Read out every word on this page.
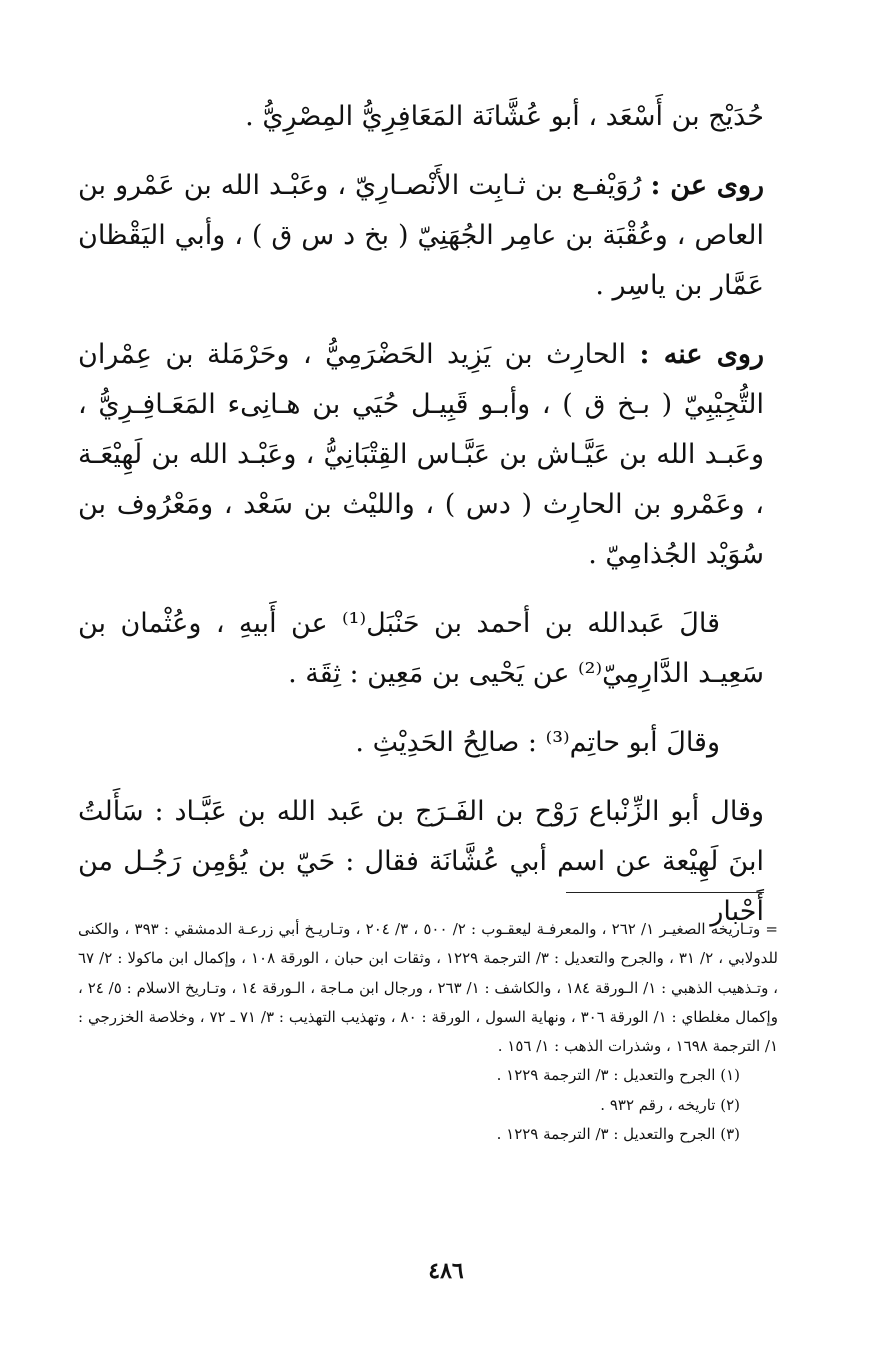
حُدَيْج بن أَسْعَد ، أبو عُشَّانَة المَعَافِرِيُّ المِصْرِيُّ .

روى عن : رُوَيْفـع بن ثـابِت الأَنْصـارِيّ ، وعَبْـد الله بن عَمْرو بن العاص ، وعُقْبَة بن عامِر الجُهَنِيّ ( بخ د س ق ) ، وأبي اليَقْظان عَمَّار بن ياسِر .

روى عنه : الحارِث بن يَزِيد الحَضْرَمِيُّ ، وحَرْمَلة بن عِمْران التُّجِيْبِيّ ( بـخ ق ) ، وأبـو قَبِيـل حُيَي بن هـانِىء المَعَـافِـرِيُّ ، وعَبـد الله بن عَيَّـاش بن عَبَّـاس القِتْبَانِيُّ ، وعَبْـد الله بن لَهِيْعَـة ، وعَمْرو بن الحارِث ( دس ) ، والليْث بن سَعْد ، ومَعْرُوف بن سُوَيْد الجُذامِيّ .

قالَ عَبدالله بن أحمد بن حَنْبَل⁽¹⁾ عن أَبيهِ ، وعُثْمان بن سَعِيـد الدَّارِمِيّ⁽²⁾ عن يَحْيى بن مَعِين : ثِقَة .

وقالَ أبو حاتِم⁽³⁾ : صالِحُ الحَدِيْثِ .

وقال أبو الزِّنْباع رَوْح بن الفَـرَج بن عَبد الله بن عَبَّـاد : سَأَلتُ ابنَ لَهِيْعة عن اسم أبي عُشَّانَة فقال : حَيّ بن يُؤمِن رَجُـل من أَحْبار

= وتـاريخه الصغيـر ١/ ٢٦٢ ، والمعرفـة ليعقـوب : ٢/ ٥٠٠ ، ٣/ ٢٠٤ ، وتـاريـخ أبي زرعـة الدمشقي : ٣٩٣ ، والكنى للدولابي ، ٢/ ٣١ ، والجرح والتعديل : ٣/ الترجمة ١٢٢٩ ، وثقات ابن حبان ، الورقة ١٠٨ ، وإكمال ابن ماكولا : ٢/ ٦٧ ، وتـذهيب الذهبي : ١/ الـورقة ١٨٤ ، والكاشف : ١/ ٢٦٣ ، ورجال ابن مـاجة ، الـورقة ١٤ ، وتـاريخ الاسلام : ٥/ ٢٤ ، وإكمال مغلطاي : ١/ الورقة ٣٠٦ ، ونهاية السول ، الورقة : ٨٠ ، وتهذيب التهذيب : ٣/ ٧١ ـ ٧٢ ، وخلاصة الخزرجي : ١/ الترجمة ١٦٩٨ ، وشذرات الذهب : ١/ ١٥٦ .

(١) الجرح والتعديل : ٣/ الترجمة ١٢٢٩ .

(٢) تاريخه ، رقم ٩٣٢ .

(٣) الجرح والتعديل : ٣/ الترجمة ١٢٢٩ .

٤٨٦
